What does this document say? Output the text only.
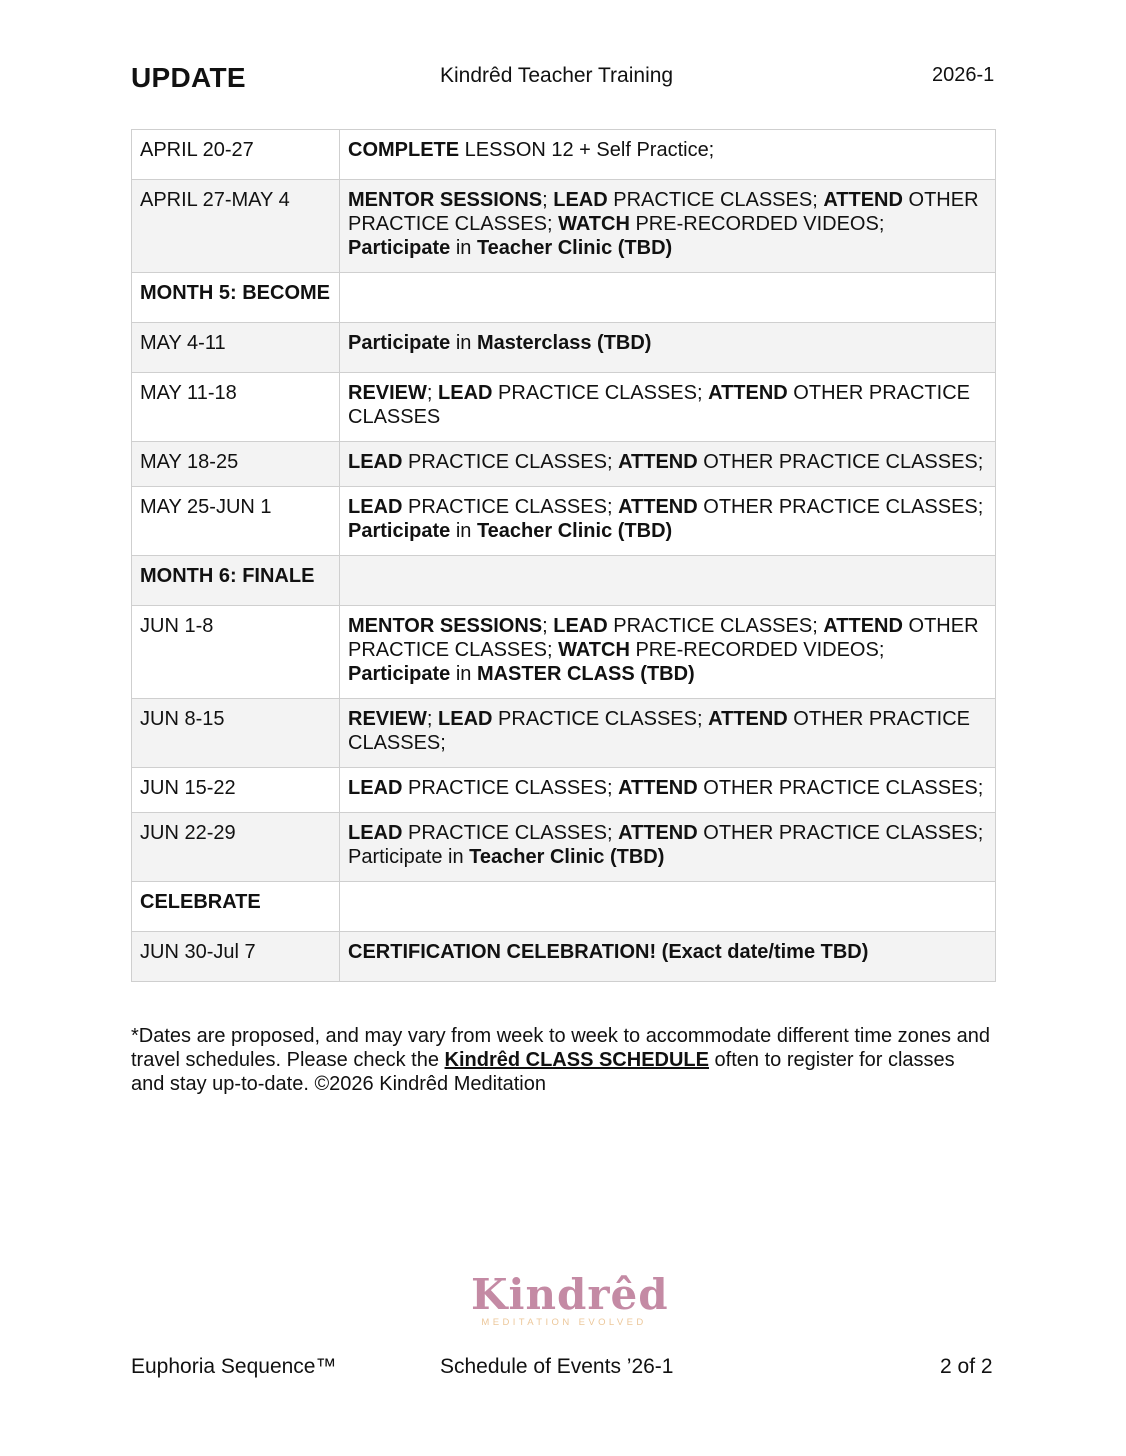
UPDATE	Kindrêd Teacher Training	2026-1
APRIL 20-27	COMPLETE LESSON 12 + Self Practice;
APRIL 27-MAY 4	MENTOR SESSIONS; LEAD PRACTICE CLASSES; ATTEND OTHER PRACTICE CLASSES; WATCH PRE-RECORDED VIDEOS; Participate in Teacher Clinic (TBD)
MONTH 5: BECOME	
MAY 4-11	Participate in Masterclass (TBD)
MAY 11-18	REVIEW; LEAD PRACTICE CLASSES; ATTEND OTHER PRACTICE CLASSES
MAY 18-25	LEAD PRACTICE CLASSES; ATTEND OTHER PRACTICE CLASSES;
MAY 25-JUN 1	LEAD PRACTICE CLASSES; ATTEND OTHER PRACTICE CLASSES; Participate in Teacher Clinic (TBD)
MONTH 6: FINALE	
JUN 1-8	MENTOR SESSIONS; LEAD PRACTICE CLASSES; ATTEND OTHER PRACTICE CLASSES; WATCH PRE-RECORDED VIDEOS; Participate in MASTER CLASS (TBD)
JUN 8-15	REVIEW; LEAD PRACTICE CLASSES; ATTEND OTHER PRACTICE CLASSES;
JUN 15-22	LEAD PRACTICE CLASSES; ATTEND OTHER PRACTICE CLASSES;
JUN 22-29	LEAD PRACTICE CLASSES; ATTEND OTHER PRACTICE CLASSES; Participate in Teacher Clinic (TBD)
CELEBRATE	
JUN 30-Jul 7	CERTIFICATION CELEBRATION! (Exact date/time TBD)
*Dates are proposed, and may vary from week to week to accommodate different time zones and travel schedules. Please check the Kindrêd CLASS SCHEDULE often to register for classes and stay up-to-date. ©2026 Kindrêd Meditation
Kindrêd
MEDITATION EVOLVED
Euphoria Sequence™	Schedule of Events ’26-1	2 of 2
